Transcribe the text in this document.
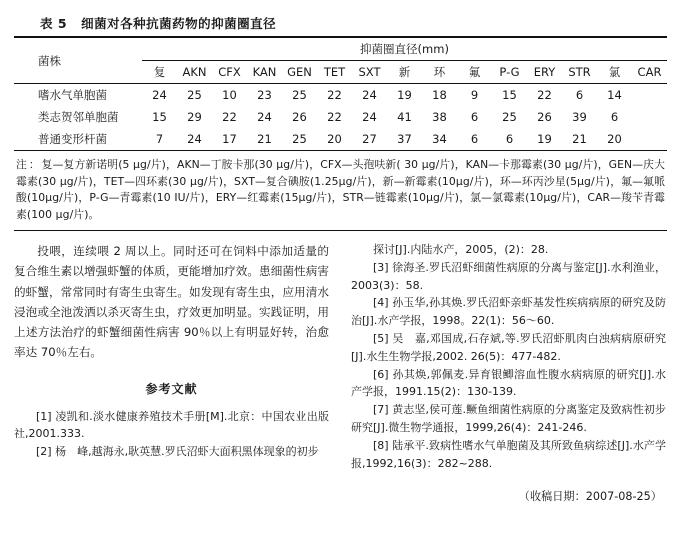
表 5 细菌对各种抗菌药物的抑菌圈直径
菌株	抑菌圈直径(mm)														
	复	AKN	CFX	KAN	GEN	TET	SXT	新	环	氟	P-G	ERY	STR	氯	CAR
嗜水气单胞菌	24	25	10	23	25	22	24	19	18	9	15	22	6	14	
类志贺邻单胞菌	15	29	22	24	26	22	24	41	38	6	25	26	39	6	
普通变形杆菌	7	24	17	21	25	20	27	37	34	6	6	19	21	20	
注：复—复方新诺明(5 μg/片)，AKN—丁胺卡那(30 μg/片)，CFX—头孢呋新( 30 μg/片)，KAN—卡那霉素(30 μg/片)，GEN—庆大霉素(30 μg/片)，TET—四环素(30 μg/片)，SXT—复合碘胺(1.25μg/片)，新—新霉素(10μg/片)，环—环丙沙星(5μg/片)，氟—氟哌酸(10μg/片)，P-G—青霉素(10 IU/片)，ERY—红霉素(15μg/片)，STR—链霉素(10μg/片)，氯—氯霉素(10μg/片)，CAR—羧苄青霉素(100 μg/片)。

投喂，连续喂 2 周以上。同时还可在饲料中添加适量的复合维生素以增强虾蟹的体质，更能增加疗效。患细菌性病害的虾蟹，常常同时有寄生虫寄生。如发现有寄生虫，应用清水浸泡或全池泼洒以杀灭寄生虫，疗效更加明显。实践证明，用上述方法治疗的虾蟹细菌性病害 90％以上有明显好转，治愈率达 70％左右。

参考文献

[1] 凌凯和.淡水健康养殖技术手册[M].北京：中国农业出版社,2001.333.

[2] 杨　峰,越海永,耿英慧.罗氏沼虾大面积黑体现象的初步

探讨[J].内陆水产，2005，(2)：28.

[3] 徐海圣.罗氏沼虾细菌性病原的分离与鉴定[J].水利渔业，2003(3)：58.

[4] 孙玉华,孙其焕.罗氏沼虾亲虾基发性疾病病原的研究及防治[J].水产学报，1998。22(1)：56～60.

[5] 吴　嘉,邓国成,石存斌,等.罗氏沼虾肌肉白浊病病原研究[J].水生生物学报,2002. 26(5)：477-482.

[6] 孙其焕,郭佩麦.异育银鲫溶血性腹水病病原的研究[J].水产学报，1991.15(2)：130-139.

[7] 黄志坚,侯可莲.鳜鱼细菌性病原的分离鉴定及致病性初步研究[J].微生物学通报，1999,26(4)：241-246.

[8] 陆承平.致病性嗜水气单胞菌及其所致鱼病综述[J].水产学报,1992,16(3)：282~288.

（收稿日期：2007-08-25）
